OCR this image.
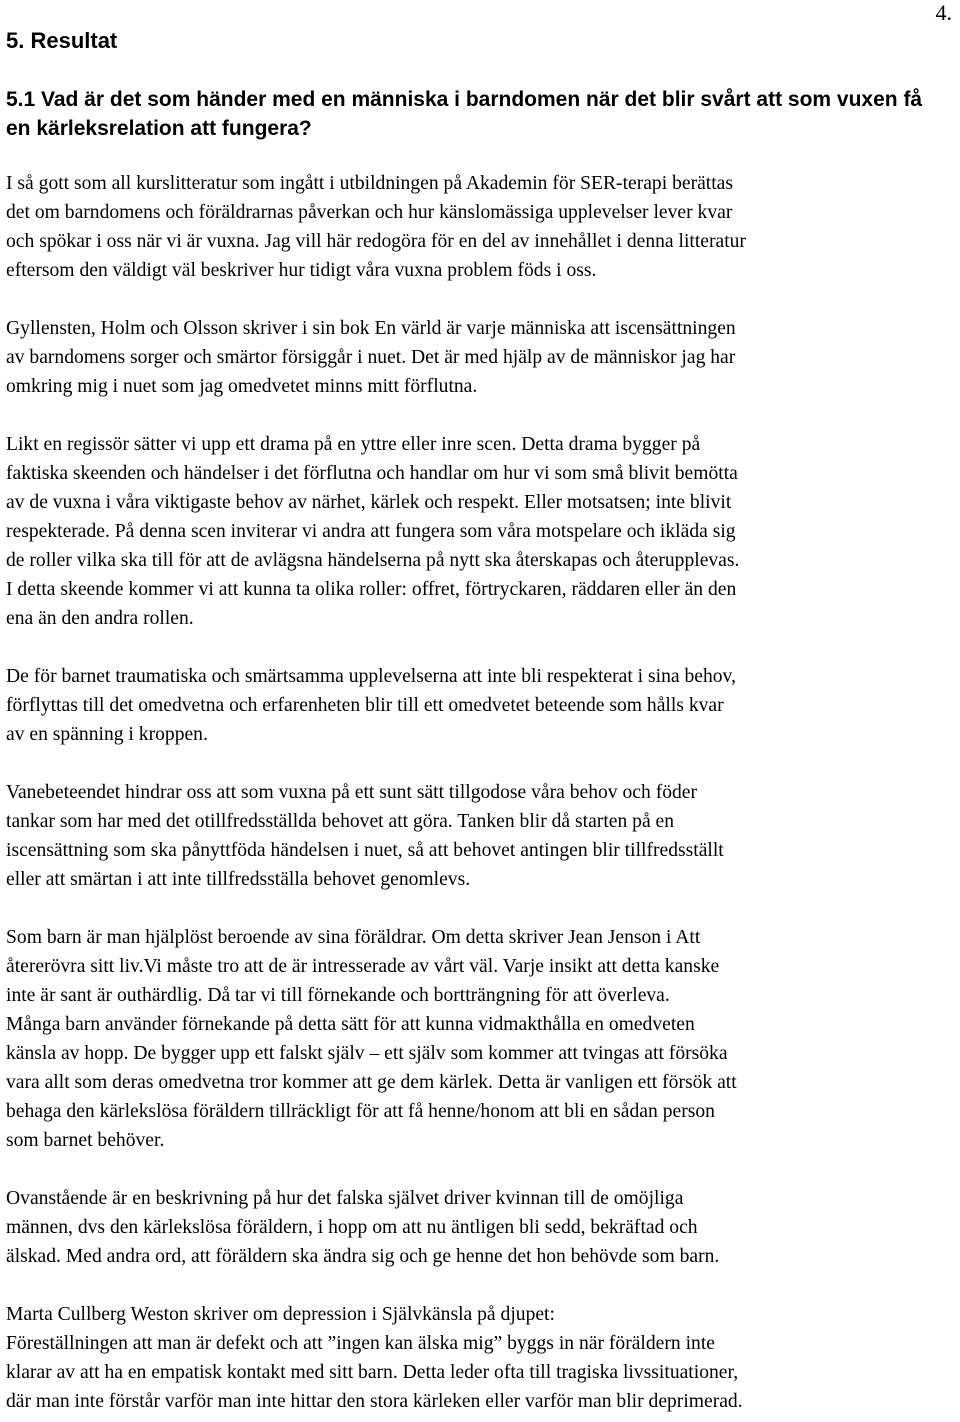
4.
5. Resultat
5.1 Vad är det som händer med en människa i barndomen när det blir svårt att som vuxen få en kärleksrelation att fungera?

I så gott som all kurslitteratur som ingått i utbildningen på Akademin för SER-terapi berättas
det om barndomens och föräldrarnas påverkan och hur känslomässiga upplevelser lever kvar
och spökar i oss när vi är vuxna. Jag vill här redogöra för en del av innehållet i denna litteratur
eftersom den väldigt väl beskriver hur tidigt våra vuxna problem föds i oss.

Gyllensten, Holm och Olsson skriver i sin bok En värld är varje människa att iscensättningen
av barndomens sorger och smärtor försiggår i nuet. Det är med hjälp av de människor jag har
omkring mig i nuet som jag omedvetet minns mitt förflutna.

Likt en regissör sätter vi upp ett drama på en yttre eller inre scen. Detta drama bygger på
faktiska skeenden och händelser i det förflutna och handlar om hur vi som små blivit bemötta
av de vuxna i våra viktigaste behov av närhet, kärlek och respekt. Eller motsatsen; inte blivit
respekterade. På denna scen inviterar vi andra att fungera som våra motspelare och ikläda sig
de roller vilka ska till för att de avlägsna händelserna på nytt ska återskapas och återupplevas.
I detta skeende kommer vi att kunna ta olika roller: offret, förtryckaren, räddaren eller än den
ena än den andra rollen.

De för barnet traumatiska och smärtsamma upplevelserna att inte bli respekterat i sina behov,
förflyttas till det omedvetna och erfarenheten blir till ett omedvetet beteende som hålls kvar
av en spänning i kroppen.

Vanebeteendet hindrar oss att som vuxna på ett sunt sätt tillgodose våra behov och föder
tankar som har med det otillfredsställda behovet att göra. Tanken blir då starten på en
iscensättning som ska pånyttföda händelsen i nuet, så att behovet antingen blir tillfredsställt
eller att smärtan i att inte tillfredsställa behovet genomlevs.

Som barn är man hjälplöst beroende av sina föräldrar. Om detta skriver Jean Jenson i Att
återerövra sitt liv.Vi måste tro att de är intresserade av vårt väl. Varje insikt att detta kanske
inte är sant är outhärdlig. Då tar vi till förnekande och bortträngning för att överleva.
Många barn använder förnekande på detta sätt för att kunna vidmakthålla en omedveten
känsla av hopp. De bygger upp ett falskt själv – ett själv som kommer att tvingas att försöka
vara allt som deras omedvetna tror kommer att ge dem kärlek. Detta är vanligen ett försök att
behaga den kärlekslösa föräldern tillräckligt för att få henne/honom att bli en sådan person
som barnet behöver.

Ovanstående är en beskrivning på hur det falska självet driver kvinnan till de omöjliga
männen, dvs den kärlekslösa föräldern, i hopp om att nu äntligen bli sedd, bekräftad och
älskad. Med andra ord, att föräldern ska ändra sig och ge henne det hon behövde som barn.

Marta Cullberg Weston skriver om depression i Självkänsla på djupet:
Föreställningen att man är defekt och att ”ingen kan älska mig” byggs in när föräldern inte
klarar av att ha en empatisk kontakt med sitt barn. Detta leder ofta till tragiska livssituationer,
där man inte förstår varför man inte hittar den stora kärleken eller varför man blir deprimerad.
